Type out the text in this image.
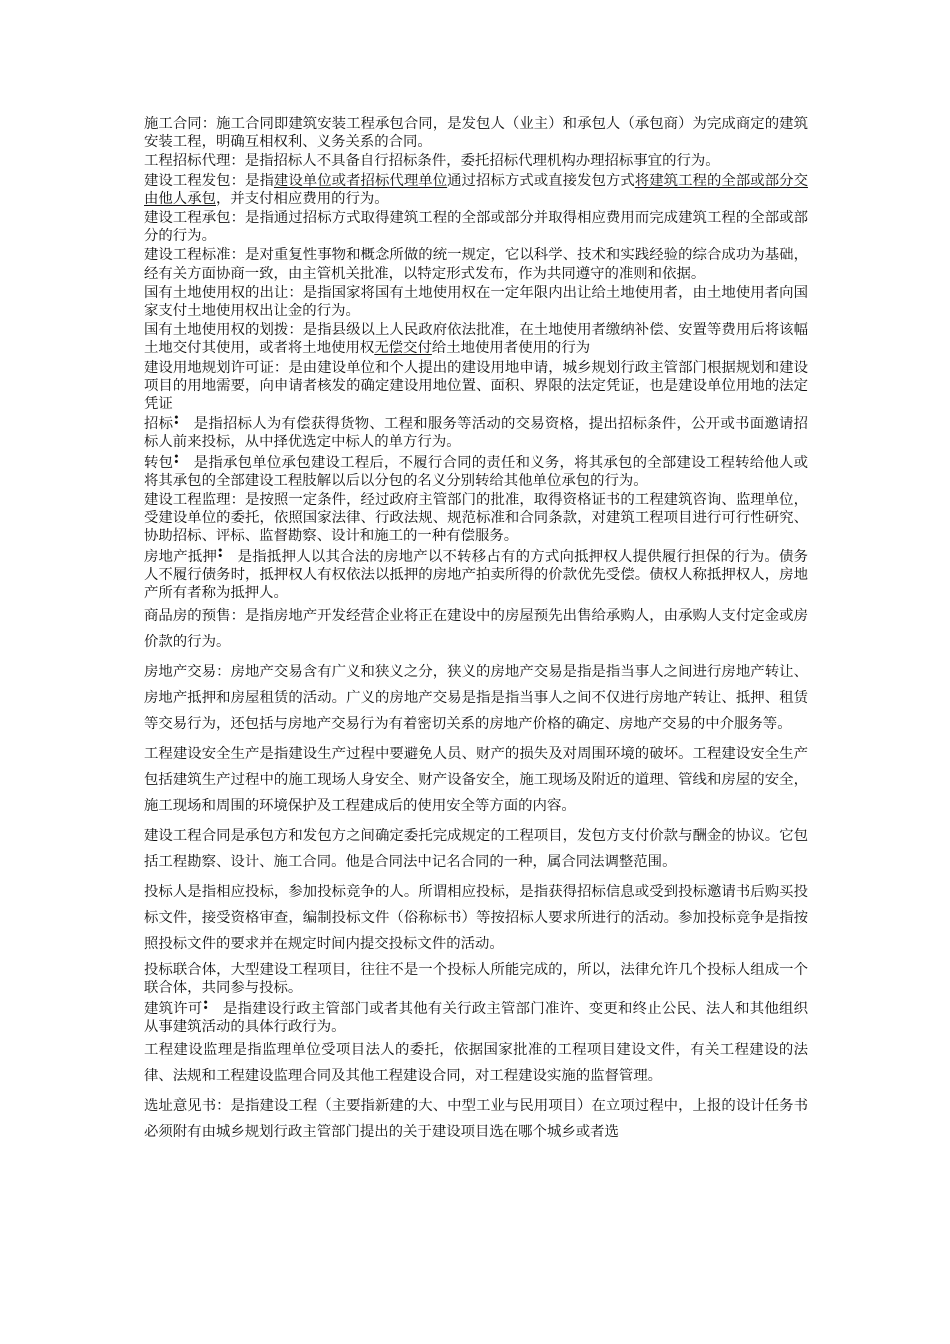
施工合同：施工合同即建筑安装工程承包合同，是发包人（业主）和承包人（承包商）为完成商定的建筑安装工程，明确互相权利、义务关系的合同。

工程招标代理：是指招标人不具备自行招标条件，委托招标代理机构办理招标事宜的行为。

建设工程发包：是指建设单位或者招标代理单位通过招标方式或直接发包方式将建筑工程的全部或部分交由他人承包，并支付相应费用的行为。

建设工程承包：是指通过招标方式取得建筑工程的全部或部分并取得相应费用而完成建筑工程的全部或部分的行为。

建设工程标准：是对重复性事物和概念所做的统一规定，它以科学、技术和实践经验的综合成功为基础，经有关方面协商一致，由主管机关批准，以特定形式发布，作为共同遵守的准则和依据。

国有土地使用权的出让：是指国家将国有土地使用权在一定年限内出让给土地使用者，由土地使用者向国家支付土地使用权出让金的行为。

国有土地使用权的划拨：是指县级以上人民政府依法批准，在土地使用者缴纳补偿、安置等费用后将该幅土地交付其使用，或者将土地使用权无偿交付给土地使用者使用的行为

建设用地规划许可证：是由建设单位和个人提出的建设用地申请，城乡规划行政主管部门根据规划和建设项目的用地需要，向申请者核发的确定建设用地位置、面积、界限的法定凭证，也是建设单位用地的法定凭证

招标: 是指招标人为有偿获得货物、工程和服务等活动的交易资格，提出招标条件，公开或书面邀请招标人前来投标，从中择优选定中标人的单方行为。

转包: 是指承包单位承包建设工程后，不履行合同的责任和义务，将其承包的全部建设工程转给他人或将其承包的全部建设工程肢解以后以分包的名义分别转给其他单位承包的行为。

建设工程监理：是按照一定条件，经过政府主管部门的批准，取得资格证书的工程建筑咨询、监理单位，受建设单位的委托，依照国家法律、行政法规、规范标准和合同条款，对建筑工程项目进行可行性研究、协助招标、评标、监督勘察、设计和施工的一种有偿服务。

房地产抵押: 是指抵押人以其合法的房地产以不转移占有的方式向抵押权人提供履行担保的行为。债务人不履行债务时，抵押权人有权依法以抵押的房地产拍卖所得的价款优先受偿。债权人称抵押权人，房地产所有者称为抵押人。

商品房的预售：是指房地产开发经营企业将正在建设中的房屋预先出售给承购人，由承购人支付定金或房价款的行为。

房地产交易：房地产交易含有广义和狭义之分，狭义的房地产交易是指是指当事人之间进行房地产转让、房地产抵押和房屋租赁的活动。广义的房地产交易是指是指当事人之间不仅进行房地产转让、抵押、租赁等交易行为，还包括与房地产交易行为有着密切关系的房地产价格的确定、房地产交易的中介服务等。

工程建设安全生产是指建设生产过程中要避免人员、财产的损失及对周围环境的破坏。工程建设安全生产包括建筑生产过程中的施工现场人身安全、财产设备安全，施工现场及附近的道理、管线和房屋的安全，施工现场和周围的环境保护及工程建成后的使用安全等方面的内容。

建设工程合同是承包方和发包方之间确定委托完成规定的工程项目，发包方支付价款与酬金的协议。它包括工程勘察、设计、施工合同。他是合同法中记名合同的一种，属合同法调整范围。

投标人是指相应投标，参加投标竞争的人。所谓相应投标，是指获得招标信息或受到投标邀请书后购买投标文件，接受资格审查，编制投标文件（俗称标书）等按招标人要求所进行的活动。参加投标竞争是指按照投标文件的要求并在规定时间内提交投标文件的活动。

投标联合体，大型建设工程项目，往往不是一个投标人所能完成的，所以，法律允许几个投标人组成一个联合体，共同参与投标。

建筑许可: 是指建设行政主管部门或者其他有关行政主管部门准许、变更和终止公民、法人和其他组织从事建筑活动的具体行政行为。

工程建设监理是指监理单位受项目法人的委托，依据国家批准的工程项目建设文件，有关工程建设的法律、法规和工程建设监理合同及其他工程建设合同，对工程建设实施的监督管理。

选址意见书：是指建设工程（主要指新建的大、中型工业与民用项目）在立项过程中，上报的设计任务书必须附有由城乡规划行政主管部门提出的关于建设项目选在哪个城乡或者选
